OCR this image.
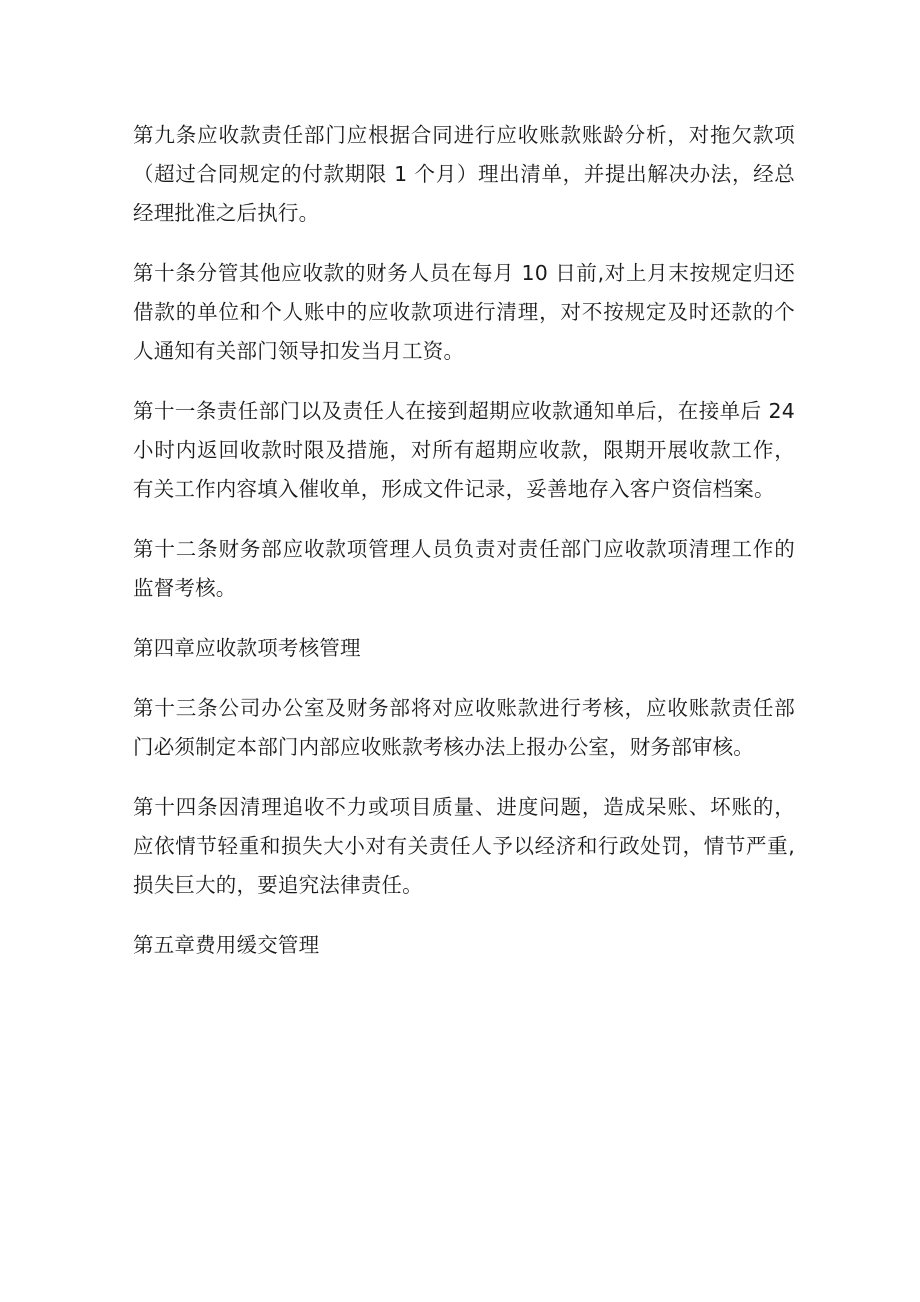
第九条应收款责任部门应根据合同进行应收账款账龄分析，对拖欠款项（超过合同规定的付款期限 1 个月）理出清单，并提出解决办法，经总经理批准之后执行。

第十条分管其他应收款的财务人员在每月 10 日前,对上月末按规定归还借款的单位和个人账中的应收款项进行清理，对不按规定及时还款的个人通知有关部门领导扣发当月工资。

第十一条责任部门以及责任人在接到超期应收款通知单后，在接单后 24 小时内返回收款时限及措施，对所有超期应收款，限期开展收款工作，有关工作内容填入催收单，形成文件记录，妥善地存入客户资信档案。

第十二条财务部应收款项管理人员负责对责任部门应收款项清理工作的监督考核。

第四章应收款项考核管理

第十三条公司办公室及财务部将对应收账款进行考核，应收账款责任部门必须制定本部门内部应收账款考核办法上报办公室，财务部审核。

第十四条因清理追收不力或项目质量、进度问题，造成呆账、坏账的，应依情节轻重和损失大小对有关责任人予以经济和行政处罚，情节严重,损失巨大的，要追究法律责任。

第五章费用缓交管理
